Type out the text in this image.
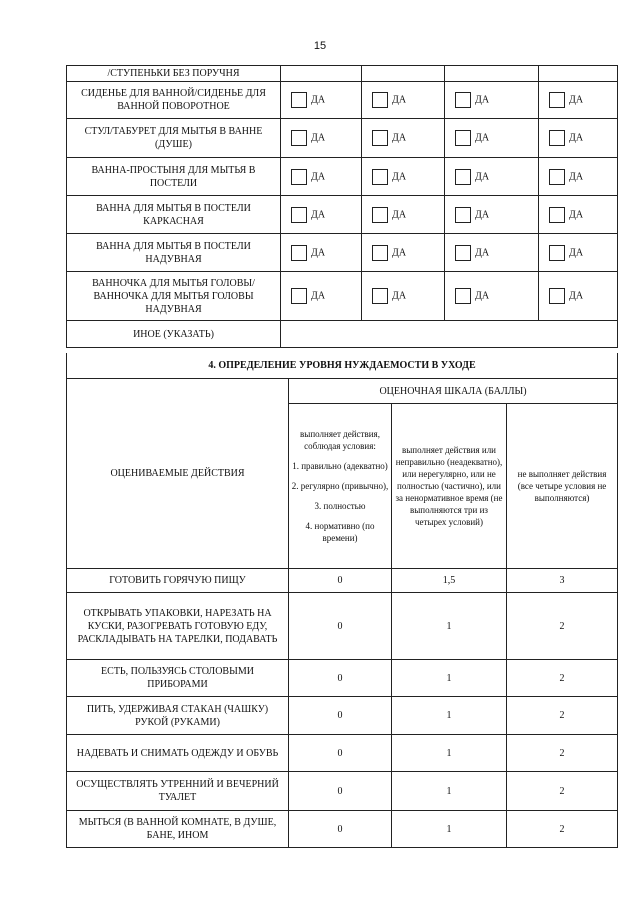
15
/СТУПЕНЬКИ БЕЗ ПОРУЧНЯ				
СИДЕНЬЕ ДЛЯ ВАННОЙ/СИДЕНЬЕ ДЛЯ ВАННОЙ ПОВОРОТНОЕ	ДА	ДА	ДА	ДА
СТУЛ/ТАБУРЕТ ДЛЯ МЫТЬЯ В ВАННЕ (ДУШЕ)	ДА	ДА	ДА	ДА
ВАННА-ПРОСТЫНЯ ДЛЯ МЫТЬЯ В ПОСТЕЛИ	ДА	ДА	ДА	ДА
ВАННА ДЛЯ МЫТЬЯ В ПОСТЕЛИ КАРКАСНАЯ	ДА	ДА	ДА	ДА
ВАННА ДЛЯ МЫТЬЯ В ПОСТЕЛИ НАДУВНАЯ	ДА	ДА	ДА	ДА
ВАННОЧКА ДЛЯ МЫТЬЯ ГОЛОВЫ/ ВАННОЧКА ДЛЯ МЫТЬЯ ГОЛОВЫ НАДУВНАЯ	ДА	ДА	ДА	ДА
ИНОЕ (УКАЗАТЬ)				
4. ОПРЕДЕЛЕНИЕ УРОВНЯ НУЖДАЕМОСТИ В УХОДЕ			
ОЦЕНИВАЕМЫЕ ДЕЙСТВИЯ	ОЦЕНОЧНАЯ ШКАЛА (БАЛЛЫ)		

	выполняет действия, соблюдая условия:

1. правильно (адекватно)
2. регулярно (привычно),
3. полностью
4. нормативно (по времени)	выполняет действия или неправильно (неадекватно), или нерегулярно, или не полностью (частично), или за ненормативное время (не выполняются три из четырех условий)	не выполняет действия (все четыре условия не выполняются)
ГОТОВИТЬ ГОРЯЧУЮ ПИЩУ	0	1,5	3
ОТКРЫВАТЬ УПАКОВКИ, НАРЕЗАТЬ НА КУСКИ, РАЗОГРЕВАТЬ ГОТОВУЮ ЕДУ, РАСКЛАДЫВАТЬ НА ТАРЕЛКИ, ПОДАВАТЬ	0	1	2
ЕСТЬ, ПОЛЬЗУЯСЬ СТОЛОВЫМИ ПРИБОРАМИ	0	1	2
ПИТЬ, УДЕРЖИВАЯ СТАКАН (ЧАШКУ) РУКОЙ (РУКАМИ)	0	1	2
НАДЕВАТЬ И СНИМАТЬ ОДЕЖДУ И ОБУВЬ	0	1	2
ОСУЩЕСТВЛЯТЬ УТРЕННИЙ И ВЕЧЕРНИЙ ТУАЛЕТ	0	1	2
МЫТЬСЯ (В ВАННОЙ КОМНАТЕ, В ДУШЕ, БАНЕ, ИНОМ	0	1	2
